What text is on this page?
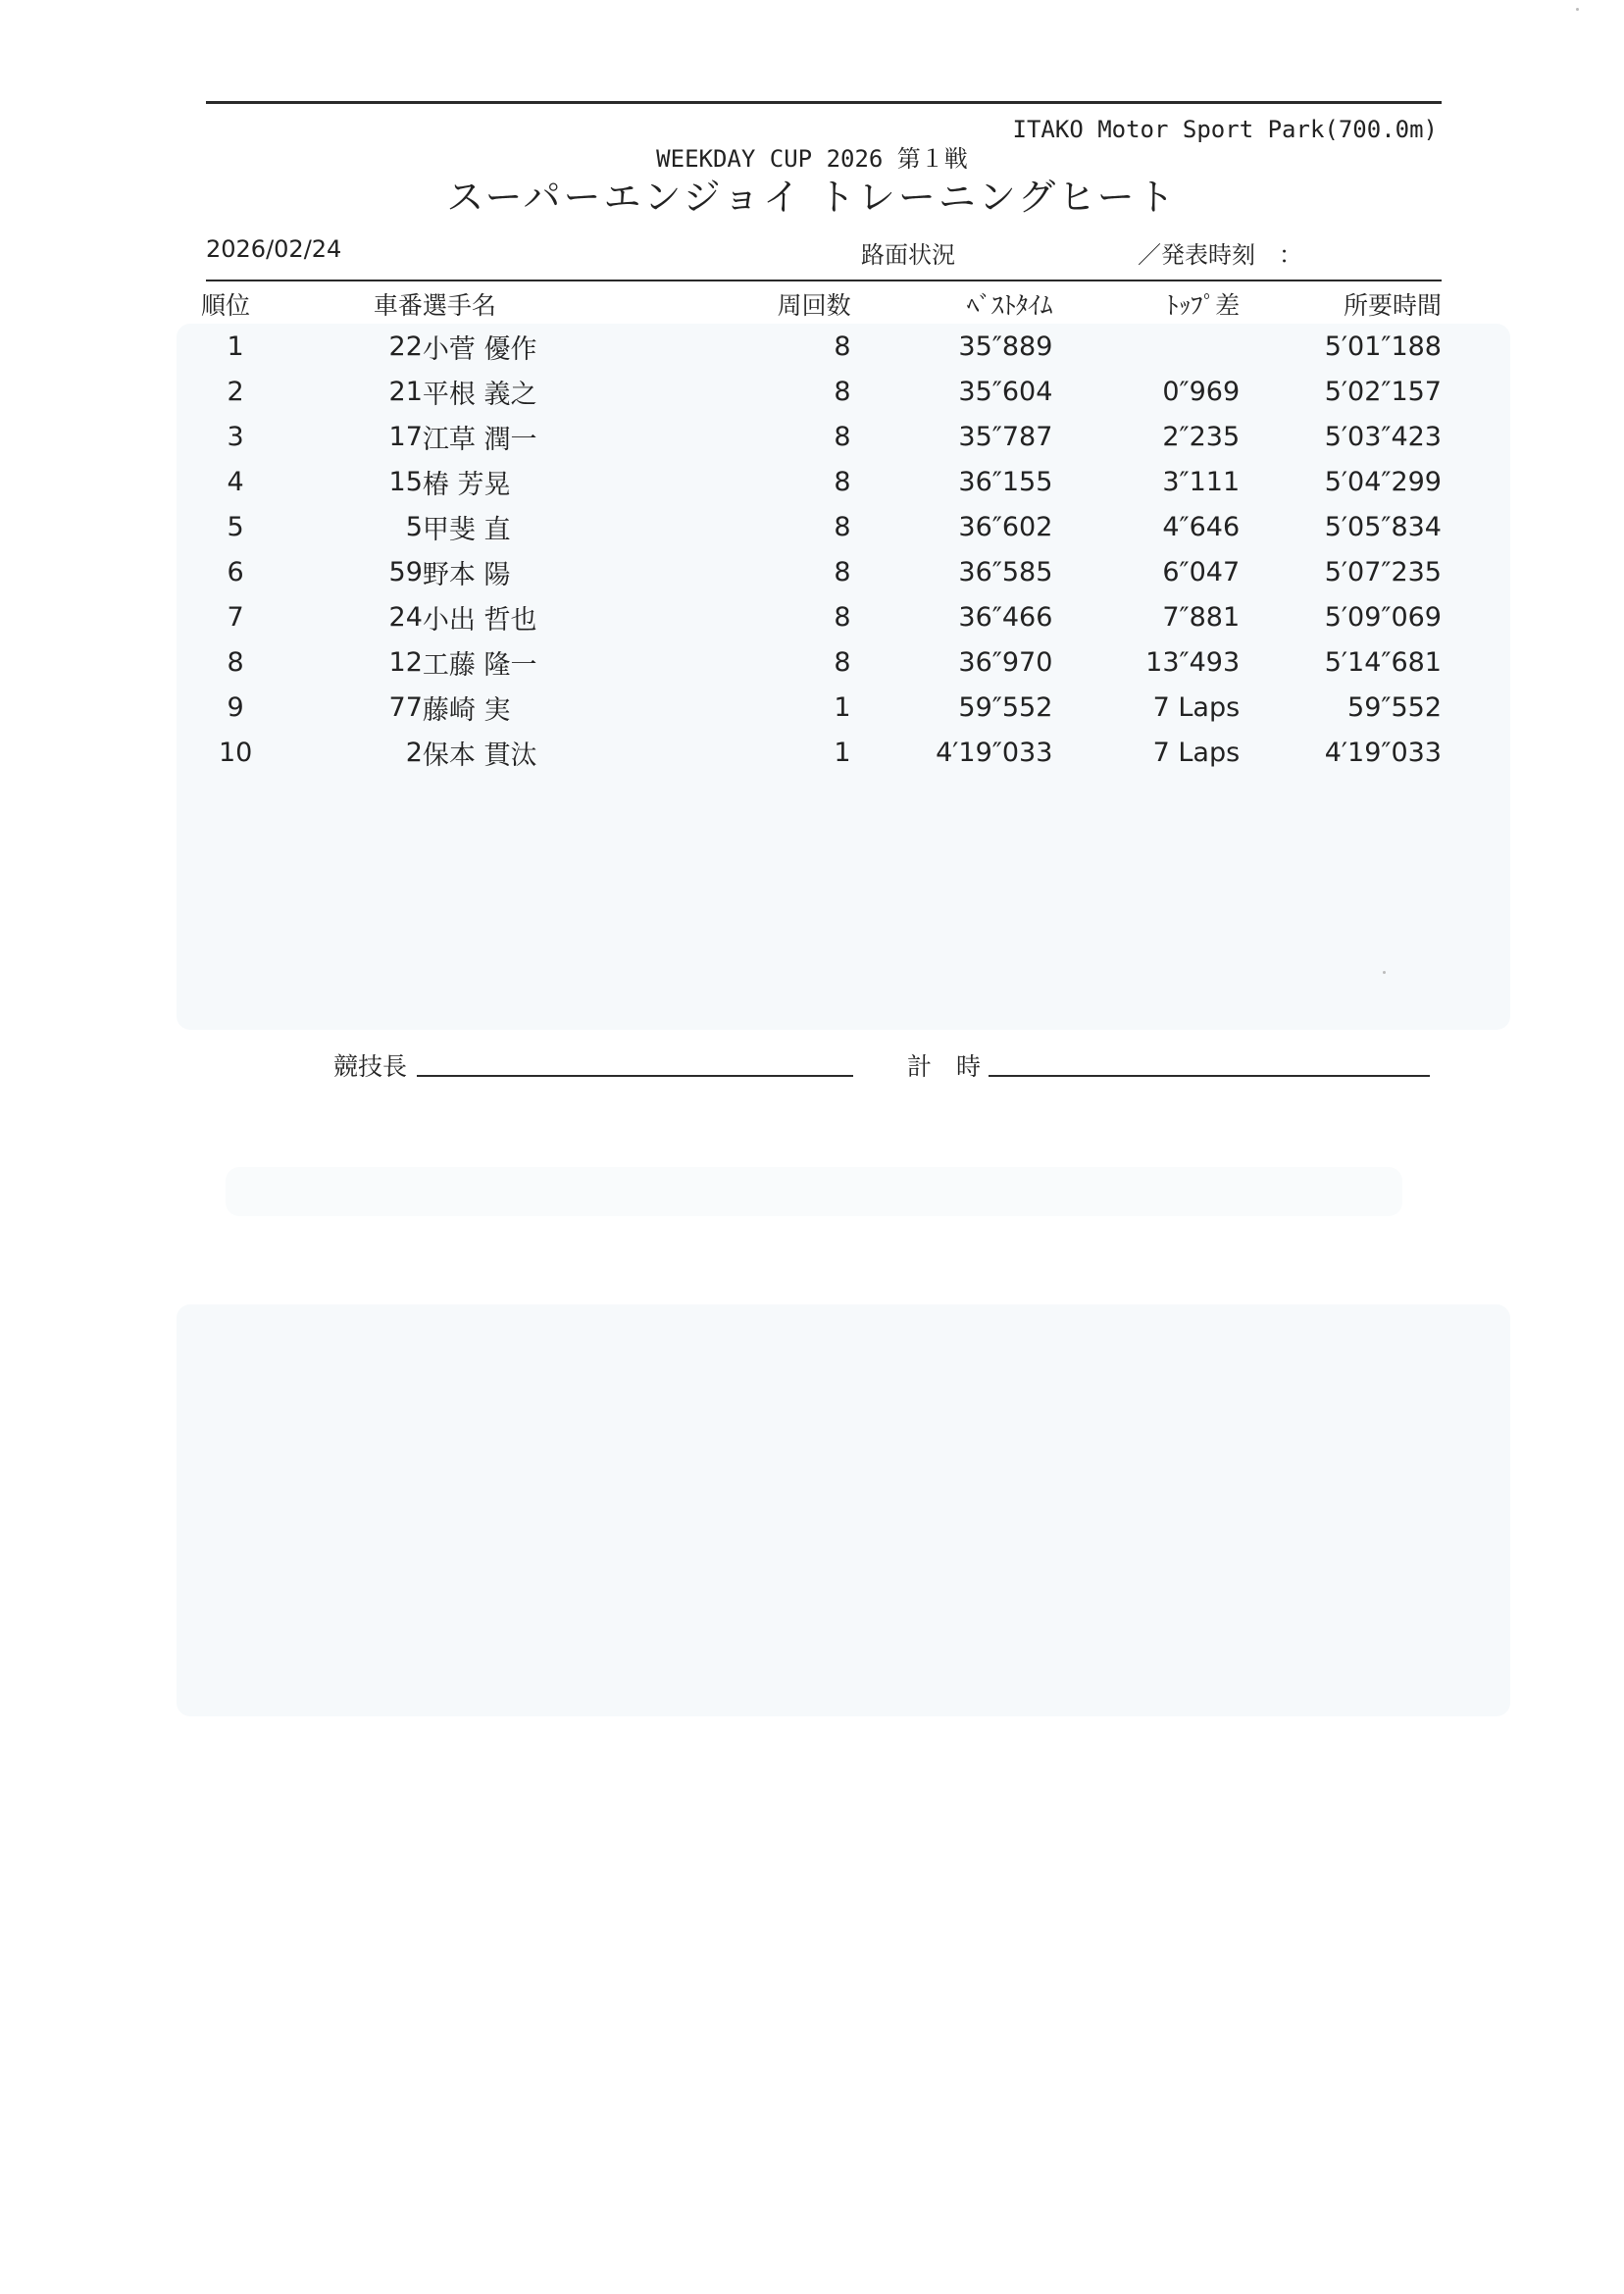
ITAKO Motor Sport Park(700.0m)
WEEKDAY CUP 2026 第１戦
スーパーエンジョイ トレーニングヒート
2026/02/24	路面状況	／発表時刻　：
順位	車番	選手名	周回数	ﾍﾞｽﾄﾀｲﾑ	ﾄｯﾌﾟ差	所要時間
1	22	小菅 優作	8	35″889		5′01″188
2	21	平根 義之	8	35″604	0″969	5′02″157
3	17	江草 潤一	8	35″787	2″235	5′03″423
4	15	椿 芳晃	8	36″155	3″111	5′04″299
5	5	甲斐 直	8	36″602	4″646	5′05″834
6	59	野本 陽	8	36″585	6″047	5′07″235
7	24	小出 哲也	8	36″466	7″881	5′09″069
8	12	工藤 隆一	8	36″970	13″493	5′14″681
9	77	藤崎 実	1	59″552	7 Laps	59″552
10	2	保本 貫汰	1	4′19″033	7 Laps	4′19″033
競技長	計　時
